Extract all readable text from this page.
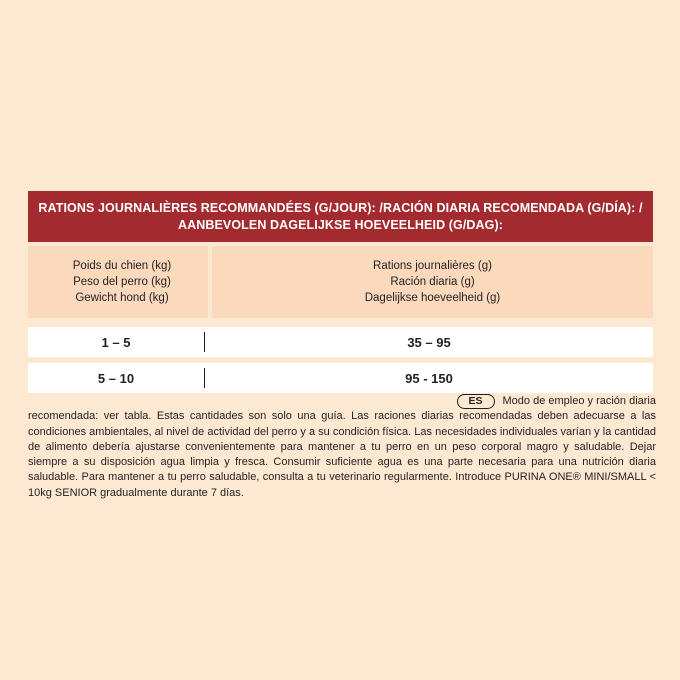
RATIONS JOURNALIÈRES RECOMMANDÉES (G/JOUR): /RACIÓN DIARIA RECOMENDADA (G/DÍA): /
AANBEVOLEN DAGELIJKSE HOEVEELHEID (G/DAG):
Poids du chien (kg)
Peso del perro (kg)
Gewicht hond (kg)
Rations journalières (g)
Ración diaria (g)
Dagelijkse hoeveelheid (g)
1 – 5	35 – 95
5 – 10	95 - 150
ES	Modo de empleo y ración diaria
recomendada: ver tabla. Estas cantidades son solo una guía. Las raciones diarias recomendadas deben adecuarse a las condiciones ambientales, al nivel de actividad del perro y a su condición física. Las necesidades individuales varían y la cantidad de alimento debería ajustarse convenientemente para mantener a tu perro en un peso corporal magro y saludable. Dejar siempre a su disposición agua limpia y fresca. Consumir suficiente agua es una parte necesaria para una nutrición diaria saludable. Para mantener a tu perro saludable, consulta a tu veterinario regularmente. Introduce PURINA ONE® MINI/SMALL < 10kg SENIOR gradualmente durante 7 días.
